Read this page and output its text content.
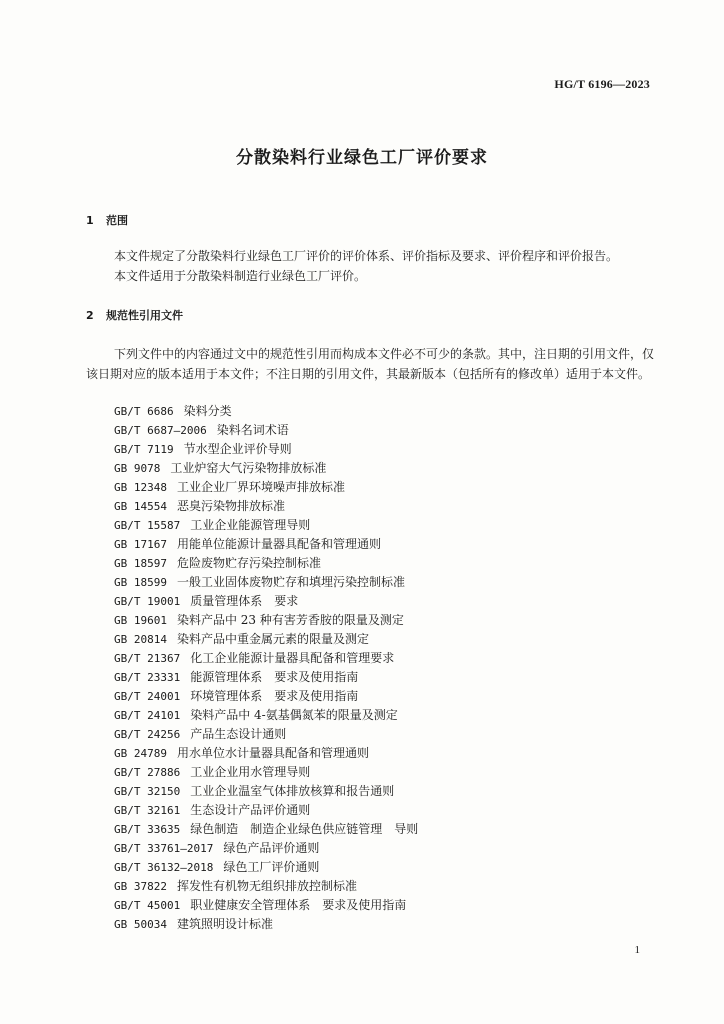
HG/T 6196—2023
分散染料行业绿色工厂评价要求
1 范围

本文件规定了分散染料行业绿色工厂评价的评价体系、评价指标及要求、评价程序和评价报告。

本文件适用于分散染料制造行业绿色工厂评价。

2 规范性引用文件

下列文件中的内容通过文中的规范性引用而构成本文件必不可少的条款。其中，注日期的引用文件，仅该日期对应的版本适用于本文件；不注日期的引用文件，其最新版本（包括所有的修改单）适用于本文件。

GB/T 6686 染料分类
GB/T 6687—2006 染料名词术语
GB/T 7119 节水型企业评价导则
GB 9078 工业炉窑大气污染物排放标准
GB 12348 工业企业厂界环境噪声排放标准
GB 14554 恶臭污染物排放标准
GB/T 15587 工业企业能源管理导则
GB 17167 用能单位能源计量器具配备和管理通则
GB 18597 危险废物贮存污染控制标准
GB 18599 一般工业固体废物贮存和填埋污染控制标准
GB/T 19001 质量管理体系　要求
GB 19601 染料产品中 23 种有害芳香胺的限量及测定
GB 20814 染料产品中重金属元素的限量及测定
GB/T 21367 化工企业能源计量器具配备和管理要求
GB/T 23331 能源管理体系　要求及使用指南
GB/T 24001 环境管理体系　要求及使用指南
GB/T 24101 染料产品中 4-氨基偶氮苯的限量及测定
GB/T 24256 产品生态设计通则
GB 24789 用水单位水计量器具配备和管理通则
GB/T 27886 工业企业用水管理导则
GB/T 32150 工业企业温室气体排放核算和报告通则
GB/T 32161 生态设计产品评价通则
GB/T 33635 绿色制造　制造企业绿色供应链管理　导则
GB/T 33761—2017 绿色产品评价通则
GB/T 36132—2018 绿色工厂评价通则
GB 37822 挥发性有机物无组织排放控制标准
GB/T 45001 职业健康安全管理体系　要求及使用指南
GB 50034 建筑照明设计标准
1
